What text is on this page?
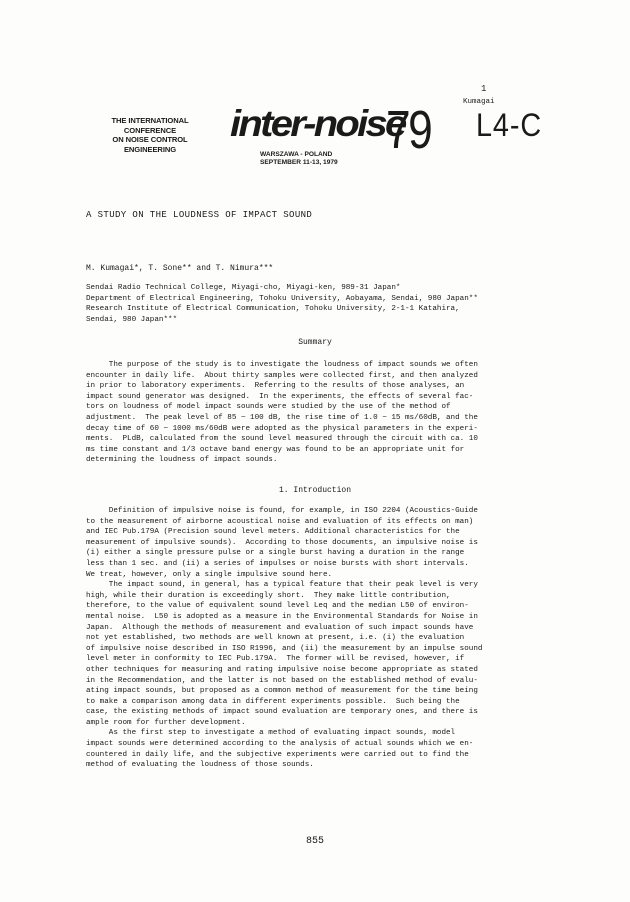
1
Kumagai
THE INTERNATIONAL
CONFERENCE
ON NOISE CONTROL
ENGINEERING
inter-noise
79
WARSZAWA - POLAND
SEPTEMBER 11-13, 1979
L4-C
A STUDY ON THE LOUDNESS OF IMPACT SOUND
M. Kumagai*, T. Sone** and T. Nimura***
Sendai Radio Technical College, Miyagi-cho, Miyagi-ken, 989-31 Japan*
Department of Electrical Engineering, Tohoku University, Aobayama, Sendai, 980 Japan**
Research Institute of Electrical Communication, Tohoku University, 2-1-1 Katahira,
Sendai, 980 Japan***
Summary
The purpose of the study is to investigate the loudness of impact sounds we often
encounter in daily life.  About thirty samples were collected first, and then analyzed
in prior to laboratory experiments.  Referring to the results of those analyses, an
impact sound generator was designed.  In the experiments, the effects of several fac-
tors on loudness of model impact sounds were studied by the use of the method of
adjustment.  The peak level of 85 ~ 100 dB, the rise time of 1.0 ~ 15 ms/60dB, and the
decay time of 60 ~ 1000 ms/60dB were adopted as the physical parameters in the experi-
ments.  PLdB, calculated from the sound level measured through the circuit with ca. 10
ms time constant and 1/3 octave band energy was found to be an appropriate unit for
determining the loudness of impact sounds.
1. Introduction
Definition of impulsive noise is found, for example, in ISO 2204 (Acoustics-Guide
to the measurement of airborne acoustical noise and evaluation of its effects on man)
and IEC Pub.179A (Precision sound level meters. Additional characteristics for the
measurement of impulsive sounds).  According to those documents, an impulsive noise is
(i) either a single pressure pulse or a single burst having a duration in the range
less than 1 sec. and (ii) a series of impulses or noise bursts with short intervals.
We treat, however, only a single impulsive sound here.
The impact sound, in general, has a typical feature that their peak level is very
high, while their duration is exceedingly short.  They make little contribution,
therefore, to the value of equivalent sound level Leq and the median L50 of environ-
mental noise.  L50 is adopted as a measure in the Environmental Standards for Noise in
Japan.  Although the methods of measurement and evaluation of such impact sounds have
not yet established, two methods are well known at present, i.e. (i) the evaluation
of impulsive noise described in ISO R1996, and (ii) the measurement by an impulse sound
level meter in conformity to IEC Pub.179A.  The former will be revised, however, if
other techniques for measuring and rating impulsive noise become appropriate as stated
in the Recommendation, and the latter is not based on the established method of evalu-
ating impact sounds, but proposed as a common method of measurement for the time being
to make a comparison among data in different experiments possible.  Such being the
case, the existing methods of impact sound evaluation are temporary ones, and there is
ample room for further development.
As the first step to investigate a method of evaluating impact sounds, model
impact sounds were determined according to the analysis of actual sounds which we en-
countered in daily life, and the subjective experiments were carried out to find the
method of evaluating the loudness of those sounds.
855
